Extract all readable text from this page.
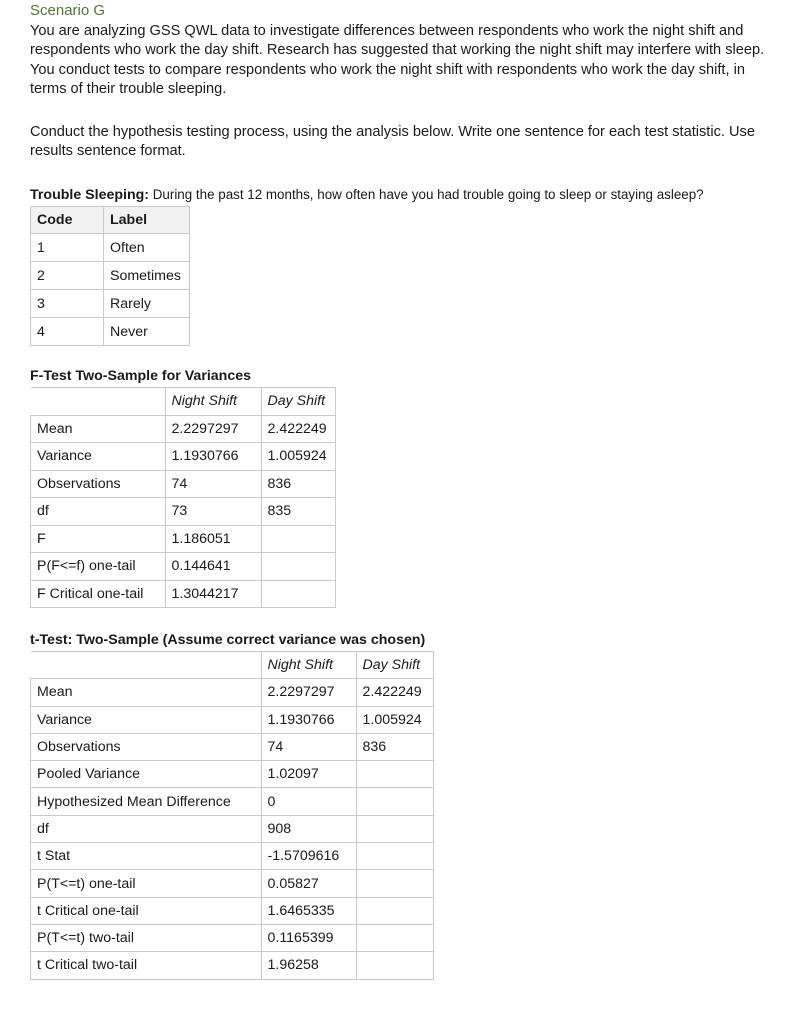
Scenario G

You are analyzing GSS QWL data to investigate differences between respondents who work the night shift and respondents who work the day shift. Research has suggested that working the night shift may interfere with sleep. You conduct tests to compare respondents who work the night shift with respondents who work the day shift, in terms of their trouble sleeping.

Conduct the hypothesis testing process, using the analysis below. Write one sentence for each test statistic. Use results sentence format.

Trouble Sleeping: During the past 12 months, how often have you had trouble going to sleep or staying asleep?
Code	Label
1	Often
2	Sometimes
3	Rarely
4	Never
F-Test Two-Sample for Variances
	Night Shift	Day Shift
Mean	2.2297297	2.422249
Variance	1.1930766	1.005924
Observations	74	836
df	73	835
F	1.186051	
P(F<=f) one-tail	0.144641	
F Critical one-tail	1.3044217	
t-Test: Two-Sample (Assume correct variance was chosen)
	Night Shift	Day Shift
Mean	2.2297297	2.422249
Variance	1.1930766	1.005924
Observations	74	836
Pooled Variance	1.02097	
Hypothesized Mean Difference	0	
df	908	
t Stat	-1.5709616	
P(T<=t) one-tail	0.05827	
t Critical one-tail	1.6465335	
P(T<=t) two-tail	0.1165399	
t Critical two-tail	1.96258	
